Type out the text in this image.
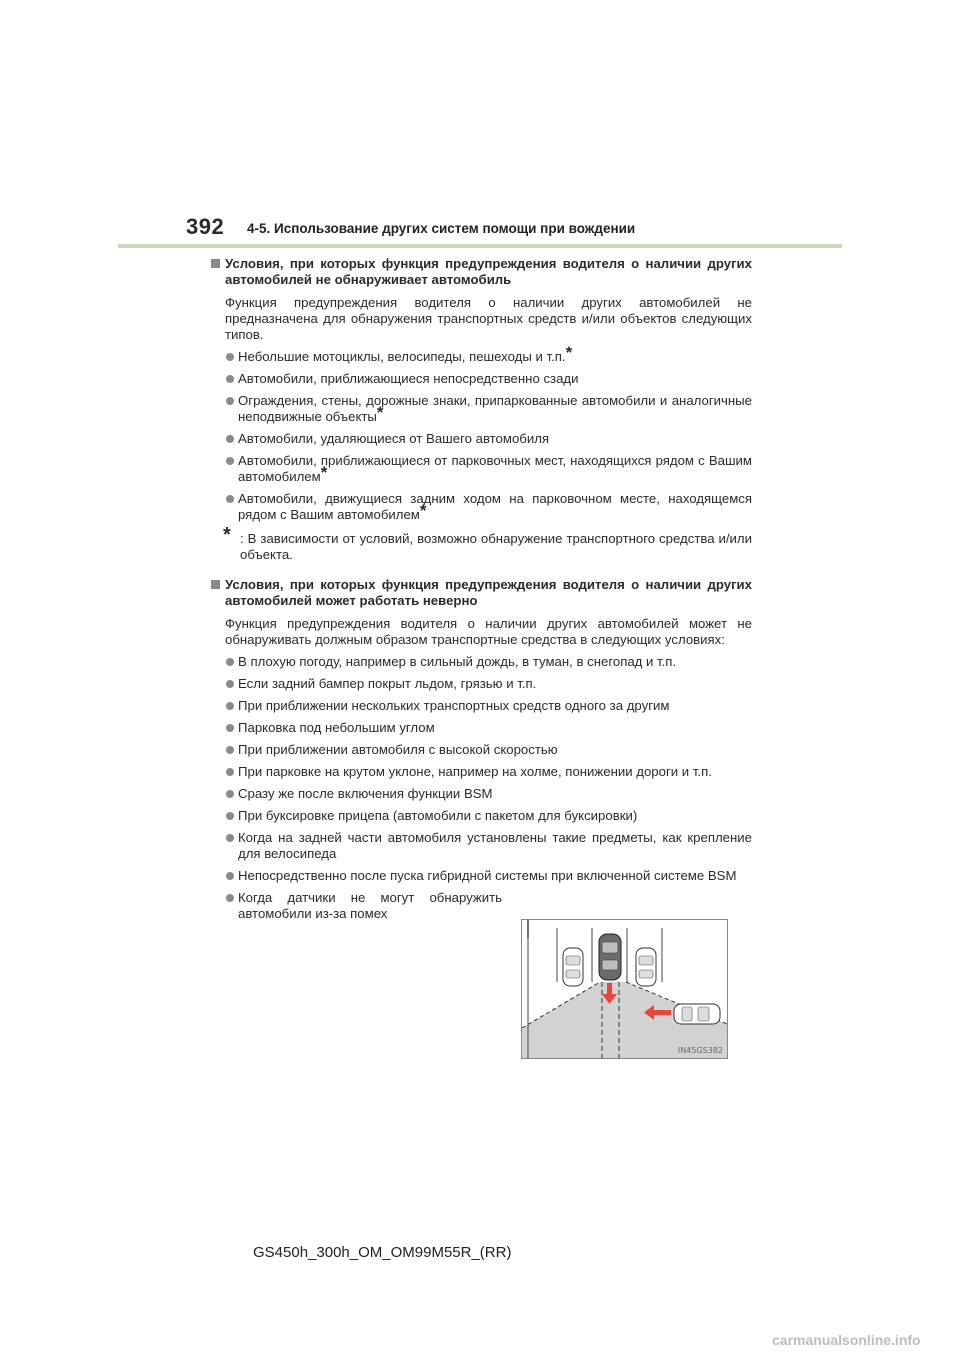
392 4-5. Использование других систем помощи при вождении
Условия, при которых функция предупреждения водителя о наличии других автомобилей не обнаруживает автомобиль
Функция предупреждения водителя о наличии других автомобилей не предназначена для обнаружения транспортных средств и/или объектов следующих типов.
Небольшие мотоциклы, велосипеды, пешеходы и т.п.*
Автомобили, приближающиеся непосредственно сзади
Ограждения, стены, дорожные знаки, припаркованные автомобили и аналогичные неподвижные объекты*
Автомобили, удаляющиеся от Вашего автомобиля
Автомобили, приближающиеся от парковочных мест, находящихся рядом с Вашим автомобилем*
Автомобили, движущиеся задним ходом на парковочном месте, находящемся рядом с Вашим автомобилем*
* : В зависимости от условий, возможно обнаружение транспортного средства и/или объекта.
Условия, при которых функция предупреждения водителя о наличии других автомобилей может работать неверно
Функция предупреждения водителя о наличии других автомобилей может не обнаруживать должным образом транспортные средства в следующих условиях:
В плохую погоду, например в сильный дождь, в туман, в снегопад и т.п.
Если задний бампер покрыт льдом, грязью и т.п.
При приближении нескольких транспортных средств одного за другим
Парковка под небольшим углом
При приближении автомобиля с высокой скоростью
При парковке на крутом уклоне, например на холме, понижении дороги и т.п.
Сразу же после включения функции BSM
При буксировке прицепа (автомобили с пакетом для буксировки)
Когда на задней части автомобиля установлены такие предметы, как крепление для велосипеда
Непосредственно после пуска гибридной системы при включенной системе BSM
Когда датчики не могут обнаружить автомобили из-за помех
IN45GS382
GS450h_300h_OM_OM99M55R_(RR)
carmanualsonline.info
